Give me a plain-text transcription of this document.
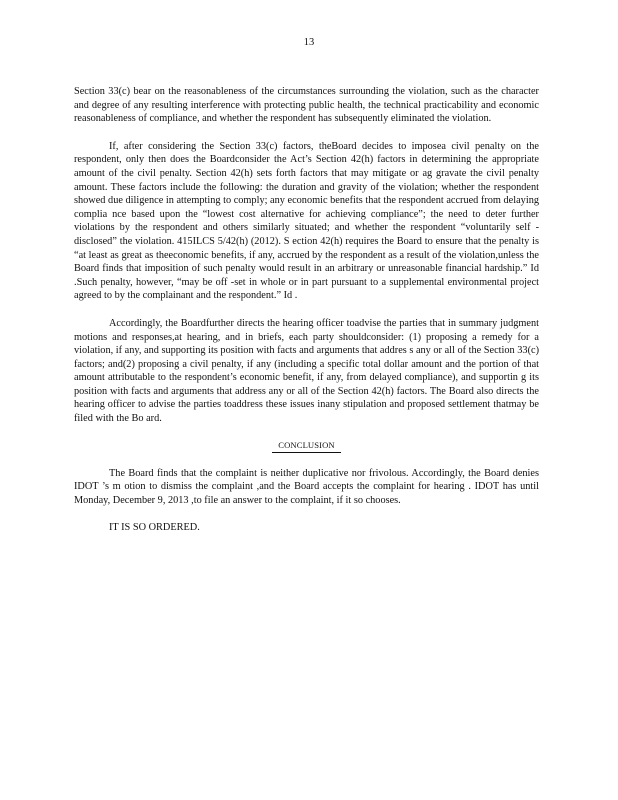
13

Section 33(c) bear on the reasonableness of the circumstances surrounding the violation, such as the character and degree of any resulting interference with protecting public health, the technical practicability and economic reasonableness of compliance, and whether the respondent has subsequently eliminated the violation.

If, after considering the Section 33(c) factors, theBoard decides to imposea civil penalty on the respondent, only then does the Boardconsider the Act’s Section 42(h) factors in determining the appropriate amount of the civil penalty. Section 42(h) sets forth factors that may mitigate or ag gravate the civil penalty amount. These factors include the following: the duration and gravity of the violation; whether the respondent showed due diligence in attempting to comply; any economic benefits that the respondent accrued from delaying complia nce based upon the “lowest cost alternative for achieving compliance”; the need to deter further violations by the respondent and others similarly situated; and whether the respondent “voluntarily self - disclosed” the violation. 415ILCS 5/42(h) (2012). S ection 42(h) requires the Board to ensure that the penalty is “at least as great as theeconomic benefits, if any, accrued by the respondent as a result of the violation,unless the Board finds that imposition of such penalty would result in an arbitrary or unreasonable financial hardship.” Id .Such penalty, however, “may be off -set in whole or in part pursuant to a supplemental environmental project agreed to by the complainant and the respondent.” Id .

Accordingly, the Boardfurther directs the hearing officer toadvise the parties that in summary judgment motions and responses,at hearing, and in briefs, each party shouldconsider: (1) proposing a remedy for a violation, if any, and supporting its position with facts and arguments that addres s any or all of the Section 33(c) factors; and(2) proposing a civil penalty, if any (including a specific total dollar amount and the portion of that amount attributable to the respondent’s economic benefit, if any, from delayed compliance), and supportin g its position with facts and arguments that address any or all of the Section 42(h) factors. The Board also directs the hearing officer to advise the parties toaddress these issues inany stipulation and proposed settlement thatmay be filed with the Bo ard.

CONCLUSION

The Board finds that the complaint is neither duplicative nor frivolous. Accordingly, the Board denies IDOT ’s m otion to dismiss the complaint ,and the Board accepts the complaint for hearing . IDOT has until Monday, December 9, 2013 ,to file an answer to the complaint, if it so chooses.

IT IS SO ORDERED.
